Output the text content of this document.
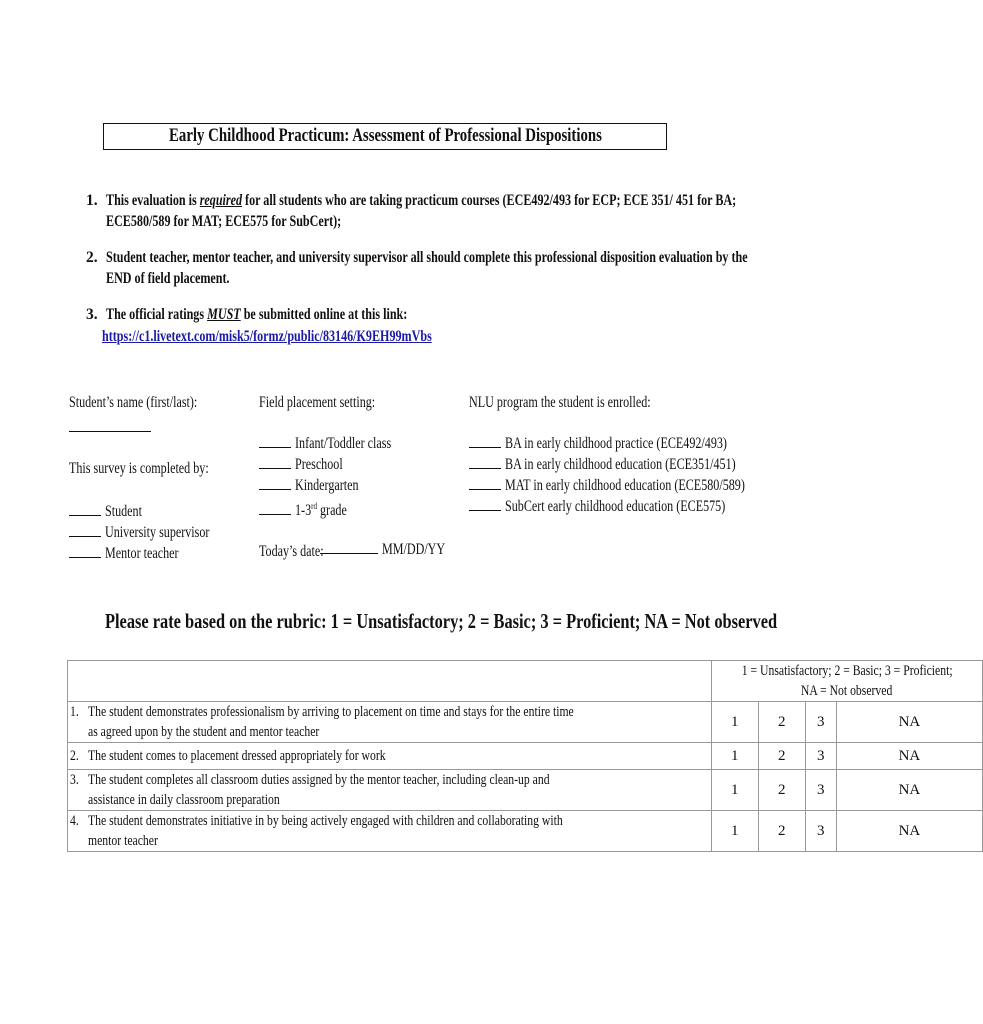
Early Childhood Practicum: Assessment of Professional Dispositions
1. This evaluation is required for all students who are taking practicum courses (ECE492/493 for ECP; ECE 351/ 451 for BA;
ECE580/589 for MAT; ECE575 for SubCert);
2. Student teacher, mentor teacher, and university supervisor all should complete this professional disposition evaluation by the
END of field placement.
3. The official ratings MUST be submitted online at this link:
https://c1.livetext.com/misk5/formz/public/83146/K9EH99mVbs
Student’s name (first/last):
This survey is completed by:
Student
University supervisor
Mentor teacher
Field placement setting:
Infant/Toddler class
Preschool
Kindergarten
1-3rd grade
Today’s date:	MM/DD/YY
NLU program the student is enrolled:
BA in early childhood practice (ECE492/493)
BA in early childhood education (ECE351/451)
MAT in early childhood education (ECE580/589)
SubCert early childhood education (ECE575)
Please rate based on the rubric: 1 = Unsatisfactory; 2 = Basic; 3 = Proficient; NA = Not observed
	1 = Unsatisfactory; 2 = Basic; 3 = Proficient;
NA = Not observed			

1. The student demonstrates professionalism by arriving to placement on time and stays for the entire time
as agreed upon by the student and mentor teacher	1	2	3	NA

2. The student comes to placement dressed appropriately for work	1	2	3	NA

3. The student completes all classroom duties assigned by the mentor teacher, including clean-up and
assistance in daily classroom preparation	1	2	3	NA

4. The student demonstrates initiative in by being actively engaged with children and collaborating with
mentor teacher	1	2	3	NA
